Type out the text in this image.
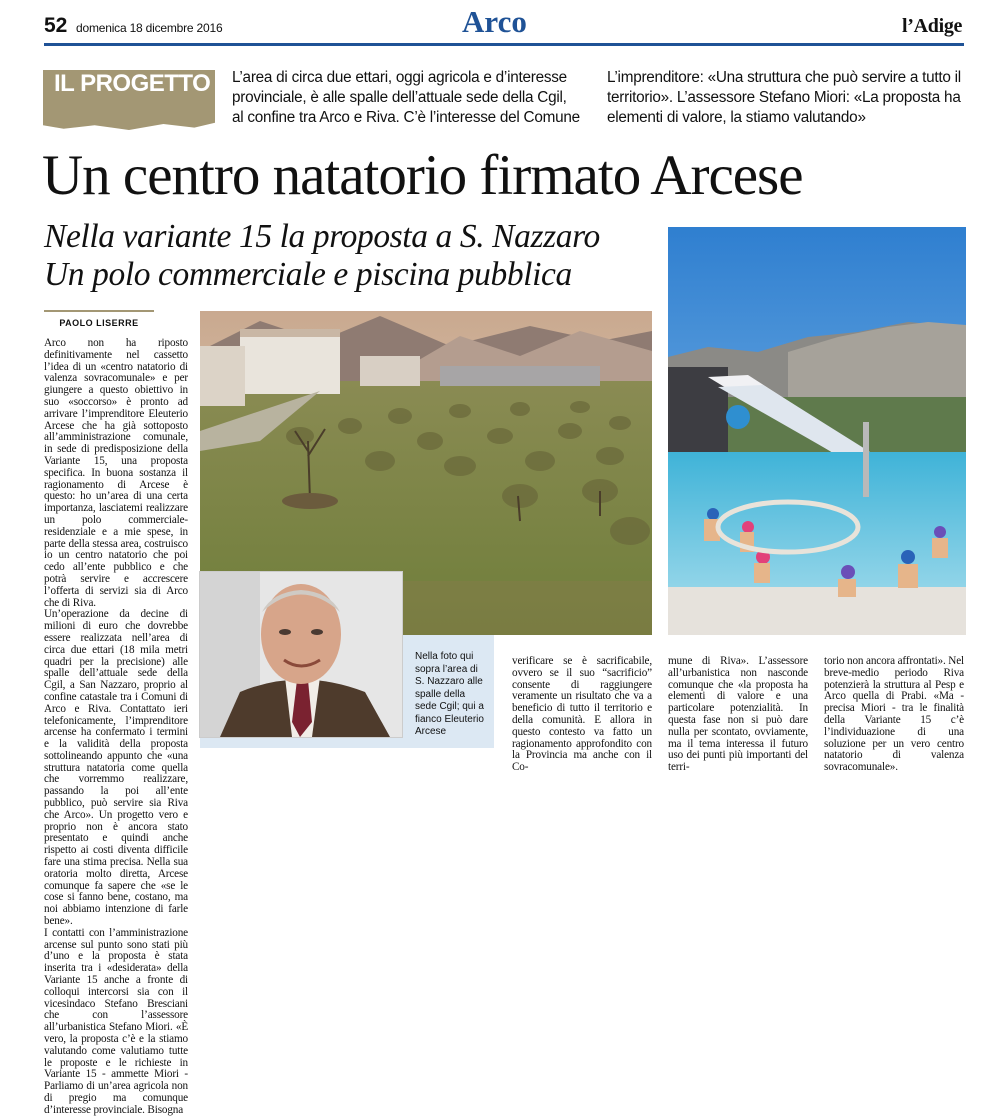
52 domenica 18 dicembre 2016	Arco	l’Adige
IL PROGETTO L’area di circa due ettari, oggi agricola e d’interesse provinciale, è alle spalle dell’attuale sede della Cgil, al confine tra Arco e Riva. C’è l’interesse del Comune
L’imprenditore: «Una struttura che può servire a tutto il territorio». L’assessore Stefano Miori: «La proposta ha elementi di valore, la stiamo valutando»
Un centro natatorio firmato Arcese
Nella variante 15 la proposta a S. Nazzaro
Un polo commerciale e piscina pubblica
PAOLO LISERRE

Arco non ha riposto definitivamente nel cassetto l’idea di un «centro natatorio di valenza sovracomunale» e per giungere a questo obiettivo in suo «soccorso» è pronto ad arrivare l’imprenditore Eleuterio Arcese che ha già sottoposto all’amministrazione comunale, in sede di predisposizione della Variante 15, una proposta specifica. In buona sostanza il ragionamento di Arcese è questo: ho un’area di una certa importanza, lasciatemi realizzare un polo commerciale-residenziale e a mie spese, in parte della stessa area, costruisco io un centro natatorio che poi cedo all’ente pubblico e che potrà servire e accrescere l’offerta di servizi sia di Arco che di Riva.

Un’operazione da decine di milioni di euro che dovrebbe essere realizzata nell’area di circa due ettari (18 mila metri quadri per la precisione) alle spalle dell’attuale sede della Cgil, a San Nazzaro, proprio al confine catastale tra i Comuni di Arco e Riva. Contattato ieri telefonicamente, l’imprenditore arcense ha confermato i termini e la validità della proposta sottolineando appunto che «una struttura natatoria come quella che vorremmo realizzare, passando la poi all’ente pubblico, può servire sia Riva che Arco». Un progetto vero e proprio non è ancora stato presentato e quindi anche rispetto ai costi diventa difficile fare una stima precisa. Nella sua oratoria molto diretta, Arcese comunque fa sapere che «se le cose si fanno bene, costano, ma noi abbiamo intenzione di farle bene».

I contatti con l’amministrazione arcense sul punto sono stati più d’uno e la proposta è stata inserita tra i «desiderata» della Variante 15 anche a fronte di colloqui intercorsi sia con il vicesindaco Stefano Bresciani che con l’assessore all’urbanistica Stefano Miori. «È vero, la proposta c’è e la stiamo valutando come valutiamo tutte le proposte e le richieste in Variante 15 - ammette Miori - Parliamo di un’area agricola non di pregio ma comunque d’interesse provinciale. Bisogna

Nella foto qui sopra l’area di S. Nazzaro alle spalle della sede Cgil; qui a fianco Eleuterio Arcese

verificare se è sacrificabile, ovvero se il suo “sacrificio” consente di raggiungere veramente un risultato che va a beneficio di tutto il territorio e della comunità. E allora in questo contesto va fatto un ragionamento approfondito con la Provincia ma anche con il Co-

mune di Riva». L’assessore all’urbanistica non nasconde comunque che «la proposta ha elementi di valore e una particolare potenzialità. In questa fase non si può dare nulla per scontato, ovviamente, ma il tema interessa il futuro uso dei punti più importanti del terri-

torio non ancora affrontati». Nel breve-medio periodo Riva potenzierà la struttura al Pesp e Arco quella di Prabi. «Ma - precisa Miori - tra le finalità della Variante 15 c’è l’individuazione di una soluzione per un vero centro natatorio di valenza sovracomunale».
